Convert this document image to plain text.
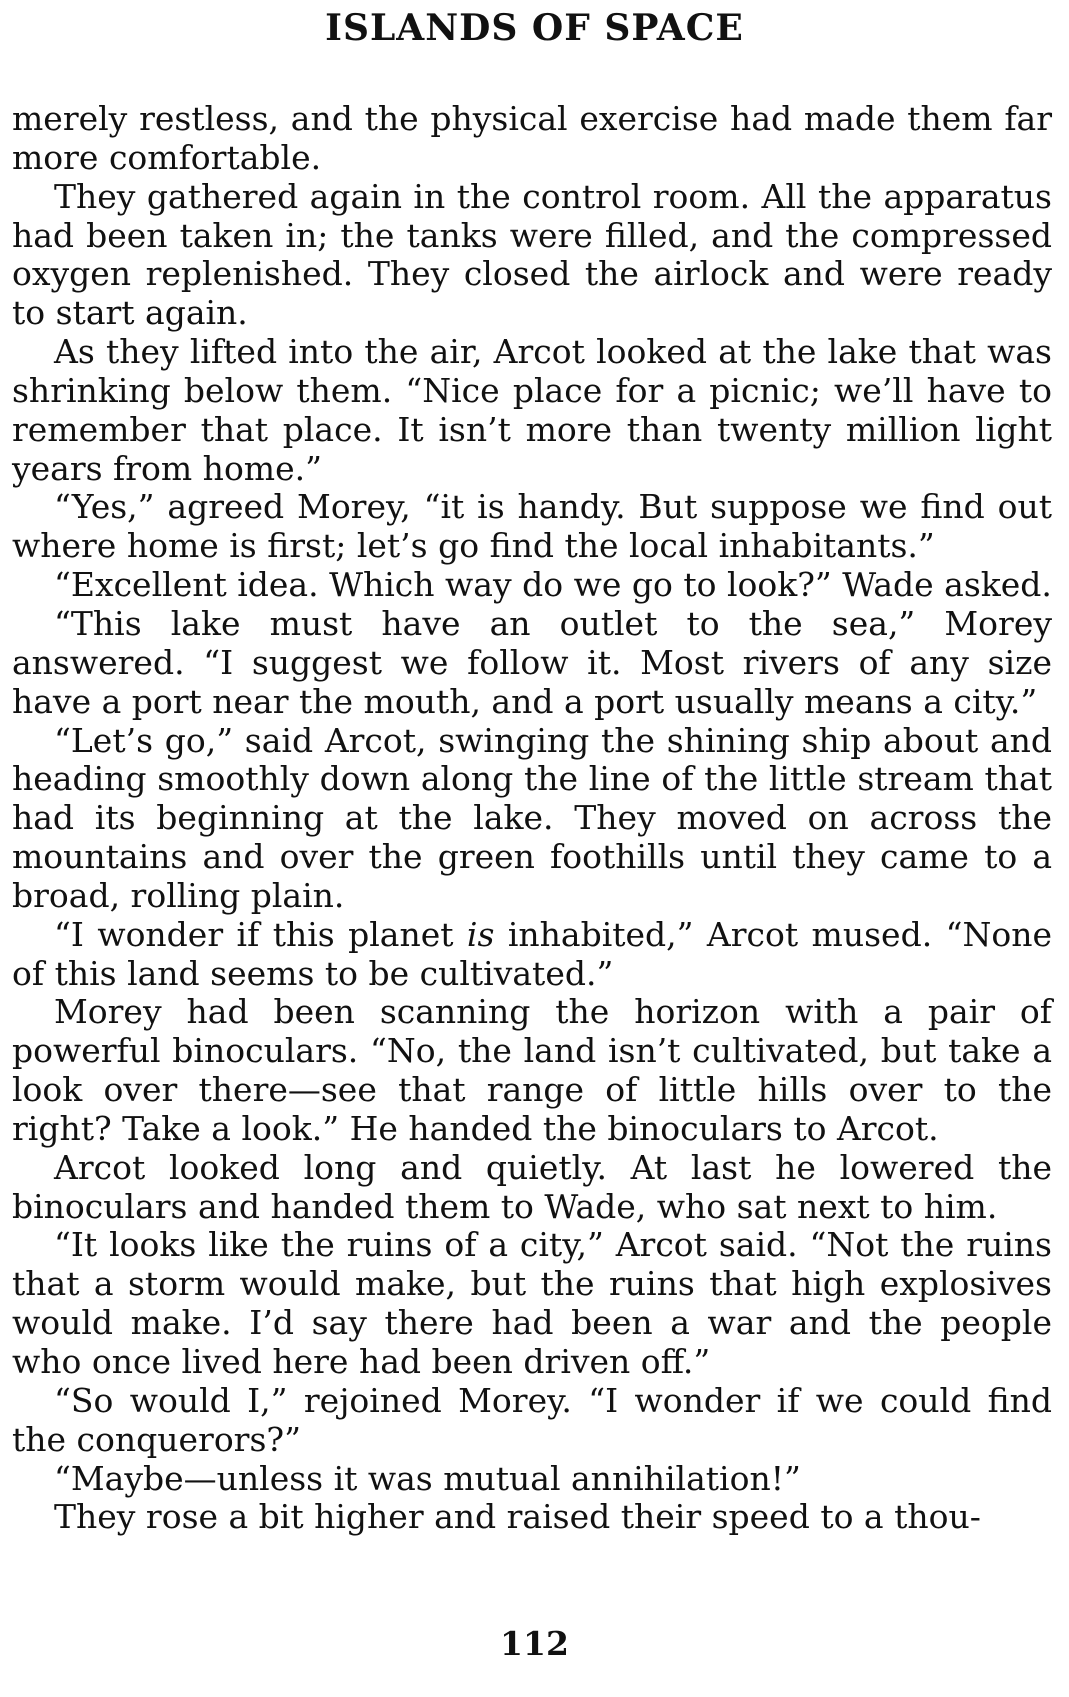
ISLANDS OF SPACE

merely restless, and the physical exercise had made them far more comfortable.

They gathered again in the control room. All the apparatus had been taken in; the tanks were filled, and the compressed oxygen replenished. They closed the airlock and were ready to start again.

As they lifted into the air, Arcot looked at the lake that was shrinking below them. “Nice place for a picnic; we’ll have to remember that place. It isn’t more than twenty million light years from home.”

“Yes,” agreed Morey, “it is handy. But suppose we find out where home is first; let’s go find the local inhabitants.”

“Excellent idea. Which way do we go to look?” Wade asked.

“This lake must have an outlet to the sea,” Morey answered. “I suggest we follow it. Most rivers of any size have a port near the mouth, and a port usually means a city.”

“Let’s go,” said Arcot, swinging the shining ship about and heading smoothly down along the line of the little stream that had its beginning at the lake. They moved on across the mountains and over the green foothills until they came to a broad, rolling plain.

“I wonder if this planet is inhabited,” Arcot mused. “None of this land seems to be cultivated.”

Morey had been scanning the horizon with a pair of powerful binoculars. “No, the land isn’t cultivated, but take a look over there—see that range of little hills over to the right? Take a look.” He handed the binoculars to Arcot.

Arcot looked long and quietly. At last he lowered the binoculars and handed them to Wade, who sat next to him.

“It looks like the ruins of a city,” Arcot said. “Not the ruins that a storm would make, but the ruins that high explosives would make. I’d say there had been a war and the people who once lived here had been driven off.”

“So would I,” rejoined Morey. “I wonder if we could find the conquerors?”

“Maybe—unless it was mutual annihilation!”

They rose a bit higher and raised their speed to a thou-

112
